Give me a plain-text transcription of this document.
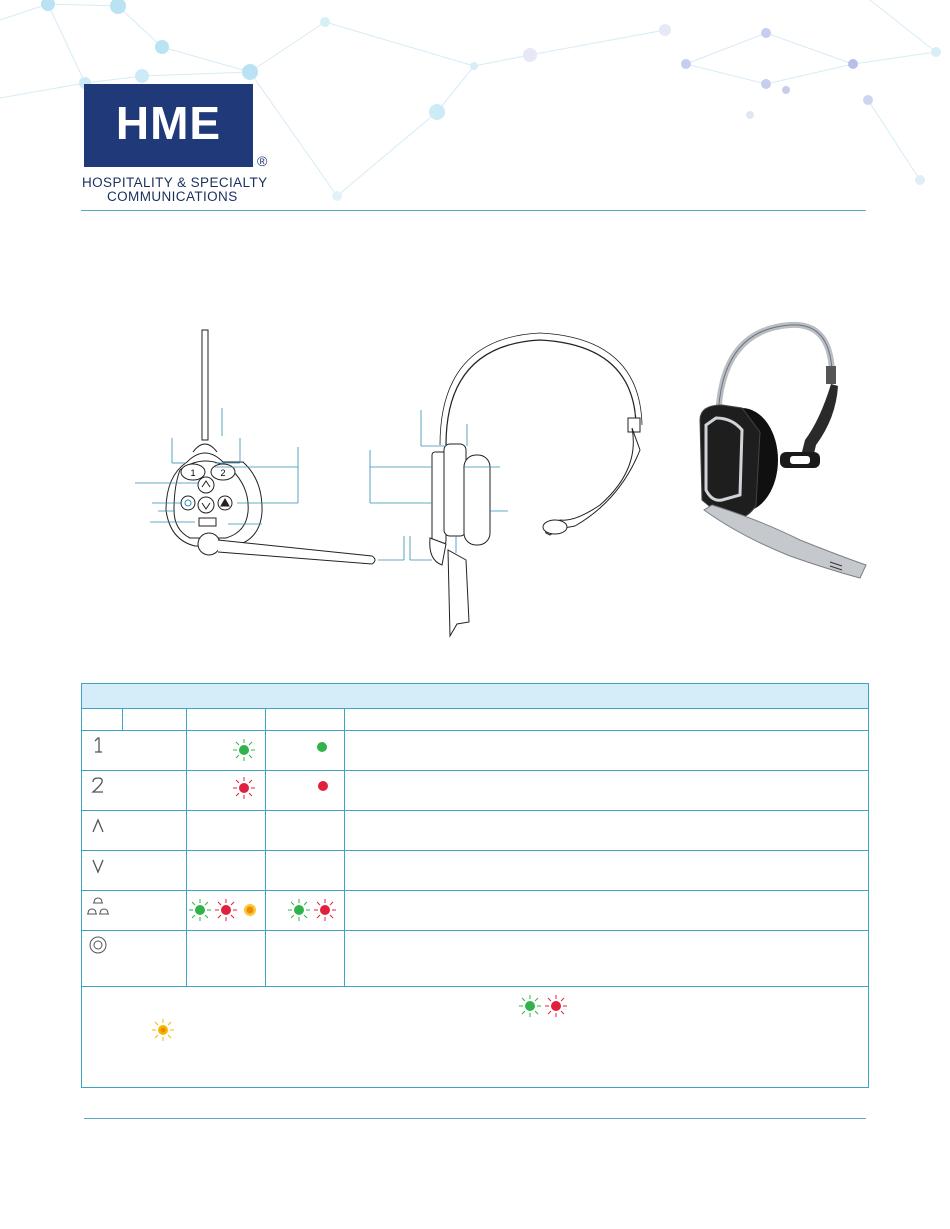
HME
®
HOSPITALITY & SPECIALTY
COMMUNICATIONS
1	2
